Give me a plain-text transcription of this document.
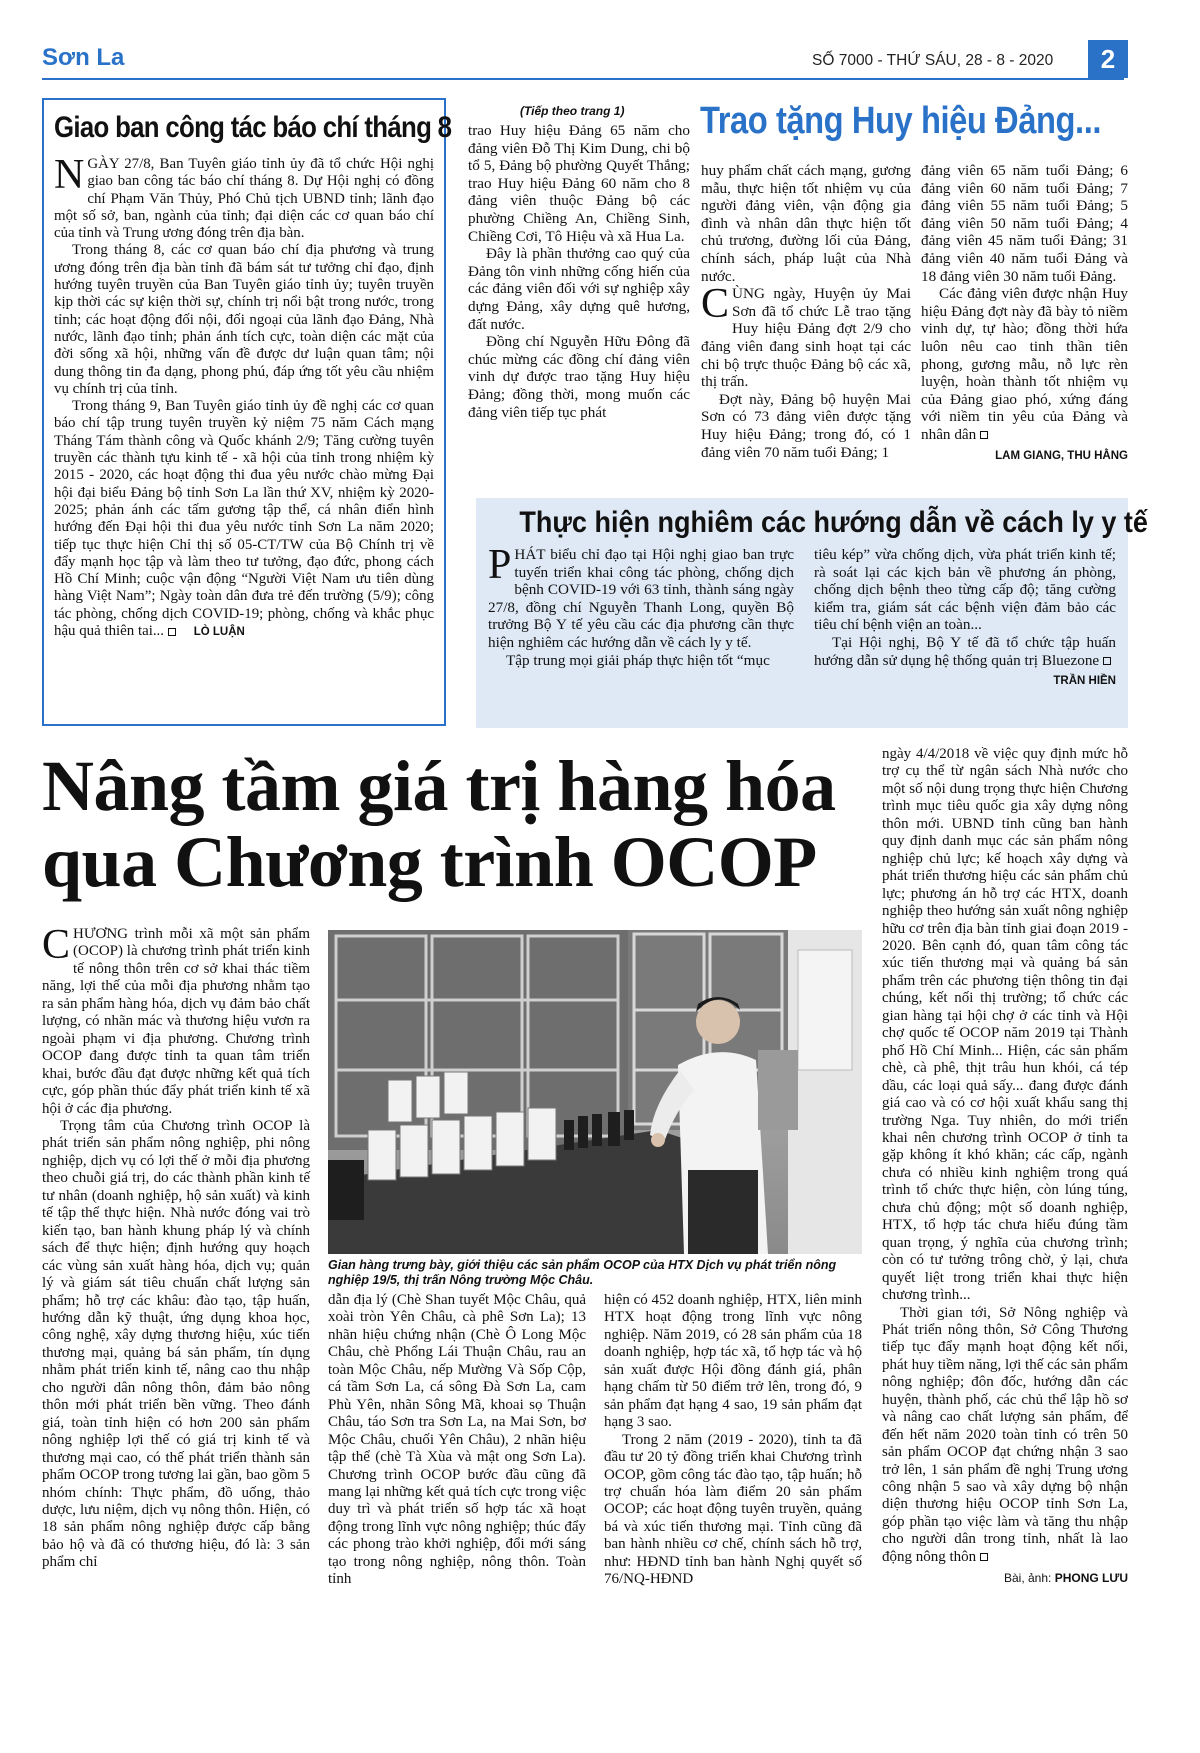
Sơn La	SỐ 7000 - THỨ SÁU, 28 - 8 - 2020	2
Giao ban công tác báo chí tháng 8

NGÀY 27/8, Ban Tuyên giáo tỉnh ủy đã tổ chức Hội nghị giao ban công tác báo chí tháng 8. Dự Hội nghị có đồng chí Phạm Văn Thủy, Phó Chủ tịch UBND tỉnh; lãnh đạo một số sở, ban, ngành của tỉnh; đại diện các cơ quan báo chí của tỉnh và Trung ương đóng trên địa bàn.

Trong tháng 8, các cơ quan báo chí địa phương và trung ương đóng trên địa bàn tỉnh đã bám sát tư tưởng chỉ đạo, định hướng tuyên truyền của Ban Tuyên giáo tỉnh ủy; tuyên truyền kịp thời các sự kiện thời sự, chính trị nổi bật trong nước, trong tỉnh; các hoạt động đối nội, đối ngoại của lãnh đạo Đảng, Nhà nước, lãnh đạo tỉnh; phản ánh tích cực, toàn diện các mặt của đời sống xã hội, những vấn đề được dư luận quan tâm; nội dung thông tin đa dạng, phong phú, đáp ứng tốt yêu cầu nhiệm vụ chính trị của tỉnh.

Trong tháng 9, Ban Tuyên giáo tỉnh ủy đề nghị các cơ quan báo chí tập trung tuyên truyền kỷ niệm 75 năm Cách mạng Tháng Tám thành công và Quốc khánh 2/9; Tăng cường tuyên truyền các thành tựu kinh tế - xã hội của tỉnh trong nhiệm kỳ 2015 - 2020, các hoạt động thi đua yêu nước chào mừng Đại hội đại biểu Đảng bộ tỉnh Sơn La lần thứ XV, nhiệm kỳ 2020-2025; phản ánh các tấm gương tập thể, cá nhân điển hình hướng đến Đại hội thi đua yêu nước tỉnh Sơn La năm 2020; tiếp tục thực hiện Chỉ thị số 05-CT/TW của Bộ Chính trị về đẩy mạnh học tập và làm theo tư tưởng, đạo đức, phong cách Hồ Chí Minh; cuộc vận động “Người Việt Nam ưu tiên dùng hàng Việt Nam”; Ngày toàn dân đưa trẻ đến trường (5/9); công tác phòng, chống dịch COVID-19; phòng, chống và khắc phục hậu quả thiên tai...	LÒ LUẬN

(Tiếp theo trang 1) Trao tặng Huy hiệu Đảng...

trao Huy hiệu Đảng 65 năm cho đảng viên Đỗ Thị Kim Dung, chi bộ tổ 5, Đảng bộ phường Quyết Thắng; trao Huy hiệu Đảng 60 năm cho 8 đảng viên thuộc Đảng bộ các phường Chiềng An, Chiềng Sinh, Chiềng Cơi, Tô Hiệu và xã Hua La.

Đây là phần thưởng cao quý của Đảng tôn vinh những cống hiến của các đảng viên đối với sự nghiệp xây dựng Đảng, xây dựng quê hương, đất nước.

Đồng chí Nguyễn Hữu Đông đã chúc mừng các đồng chí đảng viên vinh dự được trao tặng Huy hiệu Đảng; đồng thời, mong muốn các đảng viên tiếp tục phát

huy phẩm chất cách mạng, gương mẫu, thực hiện tốt nhiệm vụ của người đảng viên, vận động gia đình và nhân dân thực hiện tốt chủ trương, đường lối của Đảng, chính sách, pháp luật của Nhà nước.

CÙNG ngày, Huyện ủy Mai Sơn đã tổ chức Lễ trao tặng Huy hiệu Đảng đợt 2/9 cho đảng viên đang sinh hoạt tại các chi bộ trực thuộc Đảng bộ các xã, thị trấn.

Đợt này, Đảng bộ huyện Mai Sơn có 73 đảng viên được tặng Huy hiệu Đảng; trong đó, có 1 đảng viên 70 năm tuổi Đảng; 1

đảng viên 65 năm tuổi Đảng; 6 đảng viên 60 năm tuổi Đảng; 7 đảng viên 55 năm tuổi Đảng; 5 đảng viên 50 năm tuổi Đảng; 4 đảng viên 45 năm tuổi Đảng; 31 đảng viên 40 năm tuổi Đảng và 18 đảng viên 30 năm tuổi Đảng.

Các đảng viên được nhận Huy hiệu Đảng đợt này đã bày tỏ niềm vinh dự, tự hào; đồng thời hứa luôn nêu cao tinh thần tiên phong, gương mẫu, nỗ lực rèn luyện, hoàn thành tốt nhiệm vụ của Đảng giao phó, xứng đáng với niềm tin yêu của Đảng và nhân dân

LAM GIANG, THU HẰNG
Thực hiện nghiêm các hướng dẫn về cách ly y tế

PHÁT biểu chỉ đạo tại Hội nghị giao ban trực tuyến triển khai công tác phòng, chống dịch bệnh COVID-19 với 63 tỉnh, thành sáng ngày 27/8, đồng chí Nguyễn Thanh Long, quyền Bộ trưởng Bộ Y tế yêu cầu các địa phương cần thực hiện nghiêm các hướng dẫn về cách ly y tế.

Tập trung mọi giải pháp thực hiện tốt “mục

tiêu kép” vừa chống dịch, vừa phát triển kinh tế; rà soát lại các kịch bản về phương án phòng, chống dịch bệnh theo từng cấp độ; tăng cường kiểm tra, giám sát các bệnh viện đảm bảo các tiêu chí bệnh viện an toàn...

Tại Hội nghị, Bộ Y tế đã tổ chức tập huấn hướng dẫn sử dụng hệ thống quản trị Bluezone

TRẦN HIỀN
Nâng tầm giá trị hàng hóa
qua Chương trình OCOP

CHƯƠNG trình mỗi xã một sản phẩm (OCOP) là chương trình phát triển kinh tế nông thôn trên cơ sở khai thác tiềm năng, lợi thế của mỗi địa phương nhằm tạo ra sản phẩm hàng hóa, dịch vụ đảm bảo chất lượng, có nhãn mác và thương hiệu vươn ra ngoài phạm vi địa phương. Chương trình OCOP đang được tỉnh ta quan tâm triển khai, bước đầu đạt được những kết quả tích cực, góp phần thúc đẩy phát triển kinh tế xã hội ở các địa phương.

Trọng tâm của Chương trình OCOP là phát triển sản phẩm nông nghiệp, phi nông nghiệp, dịch vụ có lợi thế ở mỗi địa phương theo chuỗi giá trị, do các thành phần kinh tế tư nhân (doanh nghiệp, hộ sản xuất) và kinh tế tập thể thực hiện. Nhà nước đóng vai trò kiến tạo, ban hành khung pháp lý và chính sách để thực hiện; định hướng quy hoạch các vùng sản xuất hàng hóa, dịch vụ; quản lý và giám sát tiêu chuẩn chất lượng sản phẩm; hỗ trợ các khâu: đào tạo, tập huấn, hướng dẫn kỹ thuật, ứng dụng khoa học, công nghệ, xây dựng thương hiệu, xúc tiến thương mại, quảng bá sản phẩm, tín dụng nhằm phát triển kinh tế, nâng cao thu nhập cho người dân nông thôn, đảm bảo nông thôn mới phát triển bền vững. Theo đánh giá, toàn tỉnh hiện có hơn 200 sản phẩm nông nghiệp lợi thế có giá trị kinh tế và thương mại cao, có thế phát triển thành sản phẩm OCOP trong tương lai gần, bao gồm 5 nhóm chính: Thực phẩm, đồ uống, thảo dược, lưu niệm, dịch vụ nông thôn. Hiện, có 18 sản phẩm nông nghiệp được cấp bằng bảo hộ và đã có thương hiệu, đó là: 3 sản phẩm chỉ

Gian hàng trưng bày, giới thiệu các sản phẩm OCOP của HTX Dịch vụ phát triển nông nghiệp 19/5, thị trấn Nông trường Mộc Châu.

dẫn địa lý (Chè Shan tuyết Mộc Châu, quả xoài tròn Yên Châu, cà phê Sơn La); 13 nhãn hiệu chứng nhận (Chè Ô Long Mộc Châu, chè Phổng Lái Thuận Châu, rau an toàn Mộc Châu, nếp Mường Và Sốp Cộp, cá tầm Sơn La, cá sông Đà Sơn La, cam Phù Yên, nhãn Sông Mã, khoai sọ Thuận Châu, táo Sơn tra Sơn La, na Mai Sơn, bơ Mộc Châu, chuối Yên Châu), 2 nhãn hiệu tập thể (chè Tà Xùa và mật ong Sơn La). Chương trình OCOP bước đầu cũng đã mang lại những kết quả tích cực trong việc duy trì và phát triển số hợp tác xã hoạt động trong lĩnh vực nông nghiệp; thúc đẩy các phong trào khởi nghiệp, đổi mới sáng tạo trong nông nghiệp, nông thôn. Toàn tỉnh

hiện có 452 doanh nghiệp, HTX, liên minh HTX hoạt động trong lĩnh vực nông nghiệp. Năm 2019, có 28 sản phẩm của 18 doanh nghiệp, hợp tác xã, tổ hợp tác và hộ sản xuất được Hội đồng đánh giá, phân hạng chấm từ 50 điểm trở lên, trong đó, 9 sản phẩm đạt hạng 4 sao, 19 sản phẩm đạt hạng 3 sao.

Trong 2 năm (2019 - 2020), tỉnh ta đã đầu tư 20 tỷ đồng triển khai Chương trình OCOP, gồm công tác đào tạo, tập huấn; hỗ trợ chuẩn hóa làm điểm 20 sản phẩm OCOP; các hoạt động tuyên truyền, quảng bá và xúc tiến thương mại. Tỉnh cũng đã ban hành nhiều cơ chế, chính sách hỗ trợ, như: HĐND tỉnh ban hành Nghị quyết số 76/NQ-HĐND

ngày 4/4/2018 về việc quy định mức hỗ trợ cụ thể từ ngân sách Nhà nước cho một số nội dung trọng thực hiện Chương trình mục tiêu quốc gia xây dựng nông thôn mới. UBND tỉnh cũng ban hành quy định danh mục các sản phẩm nông nghiệp chủ lực; kế hoạch xây dựng và phát triển thương hiệu các sản phẩm chủ lực; phương án hỗ trợ các HTX, doanh nghiệp theo hướng sản xuất nông nghiệp hữu cơ trên địa bàn tỉnh giai đoạn 2019 - 2020. Bên cạnh đó, quan tâm công tác xúc tiến thương mại và quảng bá sản phẩm trên các phương tiện thông tin đại chúng, kết nối thị trường; tổ chức các gian hàng tại hội chợ ở các tỉnh và Hội chợ quốc tế OCOP năm 2019 tại Thành phố Hồ Chí Minh... Hiện, các sản phẩm chè, cà phê, thịt trâu hun khói, cá tép dầu, các loại quả sấy... đang được đánh giá cao và có cơ hội xuất khẩu sang thị trường Nga. Tuy nhiên, do mới triển khai nên chương trình OCOP ở tỉnh ta gặp không ít khó khăn; các cấp, ngành chưa có nhiều kinh nghiệm trong quá trình tổ chức thực hiện, còn lúng túng, chưa chủ động; một số doanh nghiệp, HTX, tổ hợp tác chưa hiểu đúng tầm quan trọng, ý nghĩa của chương trình; còn có tư tưởng trông chờ, ỷ lại, chưa quyết liệt trong triển khai thực hiện chương trình...

Thời gian tới, Sở Nông nghiệp và Phát triển nông thôn, Sở Công Thương tiếp tục đẩy mạnh hoạt động kết nối, phát huy tiềm năng, lợi thế các sản phẩm nông nghiệp; đôn đốc, hướng dẫn các huyện, thành phố, các chủ thể lập hồ sơ và nâng cao chất lượng sản phẩm, để đến hết năm 2020 toàn tỉnh có trên 50 sản phẩm OCOP đạt chứng nhận 3 sao trở lên, 1 sản phẩm đề nghị Trung ương công nhận 5 sao và xây dựng bộ nhận diện thương hiệu OCOP tỉnh Sơn La, góp phần tạo việc làm và tăng thu nhập cho người dân trong tỉnh, nhất là lao động nông thôn

Bài, ảnh: PHONG LƯU
